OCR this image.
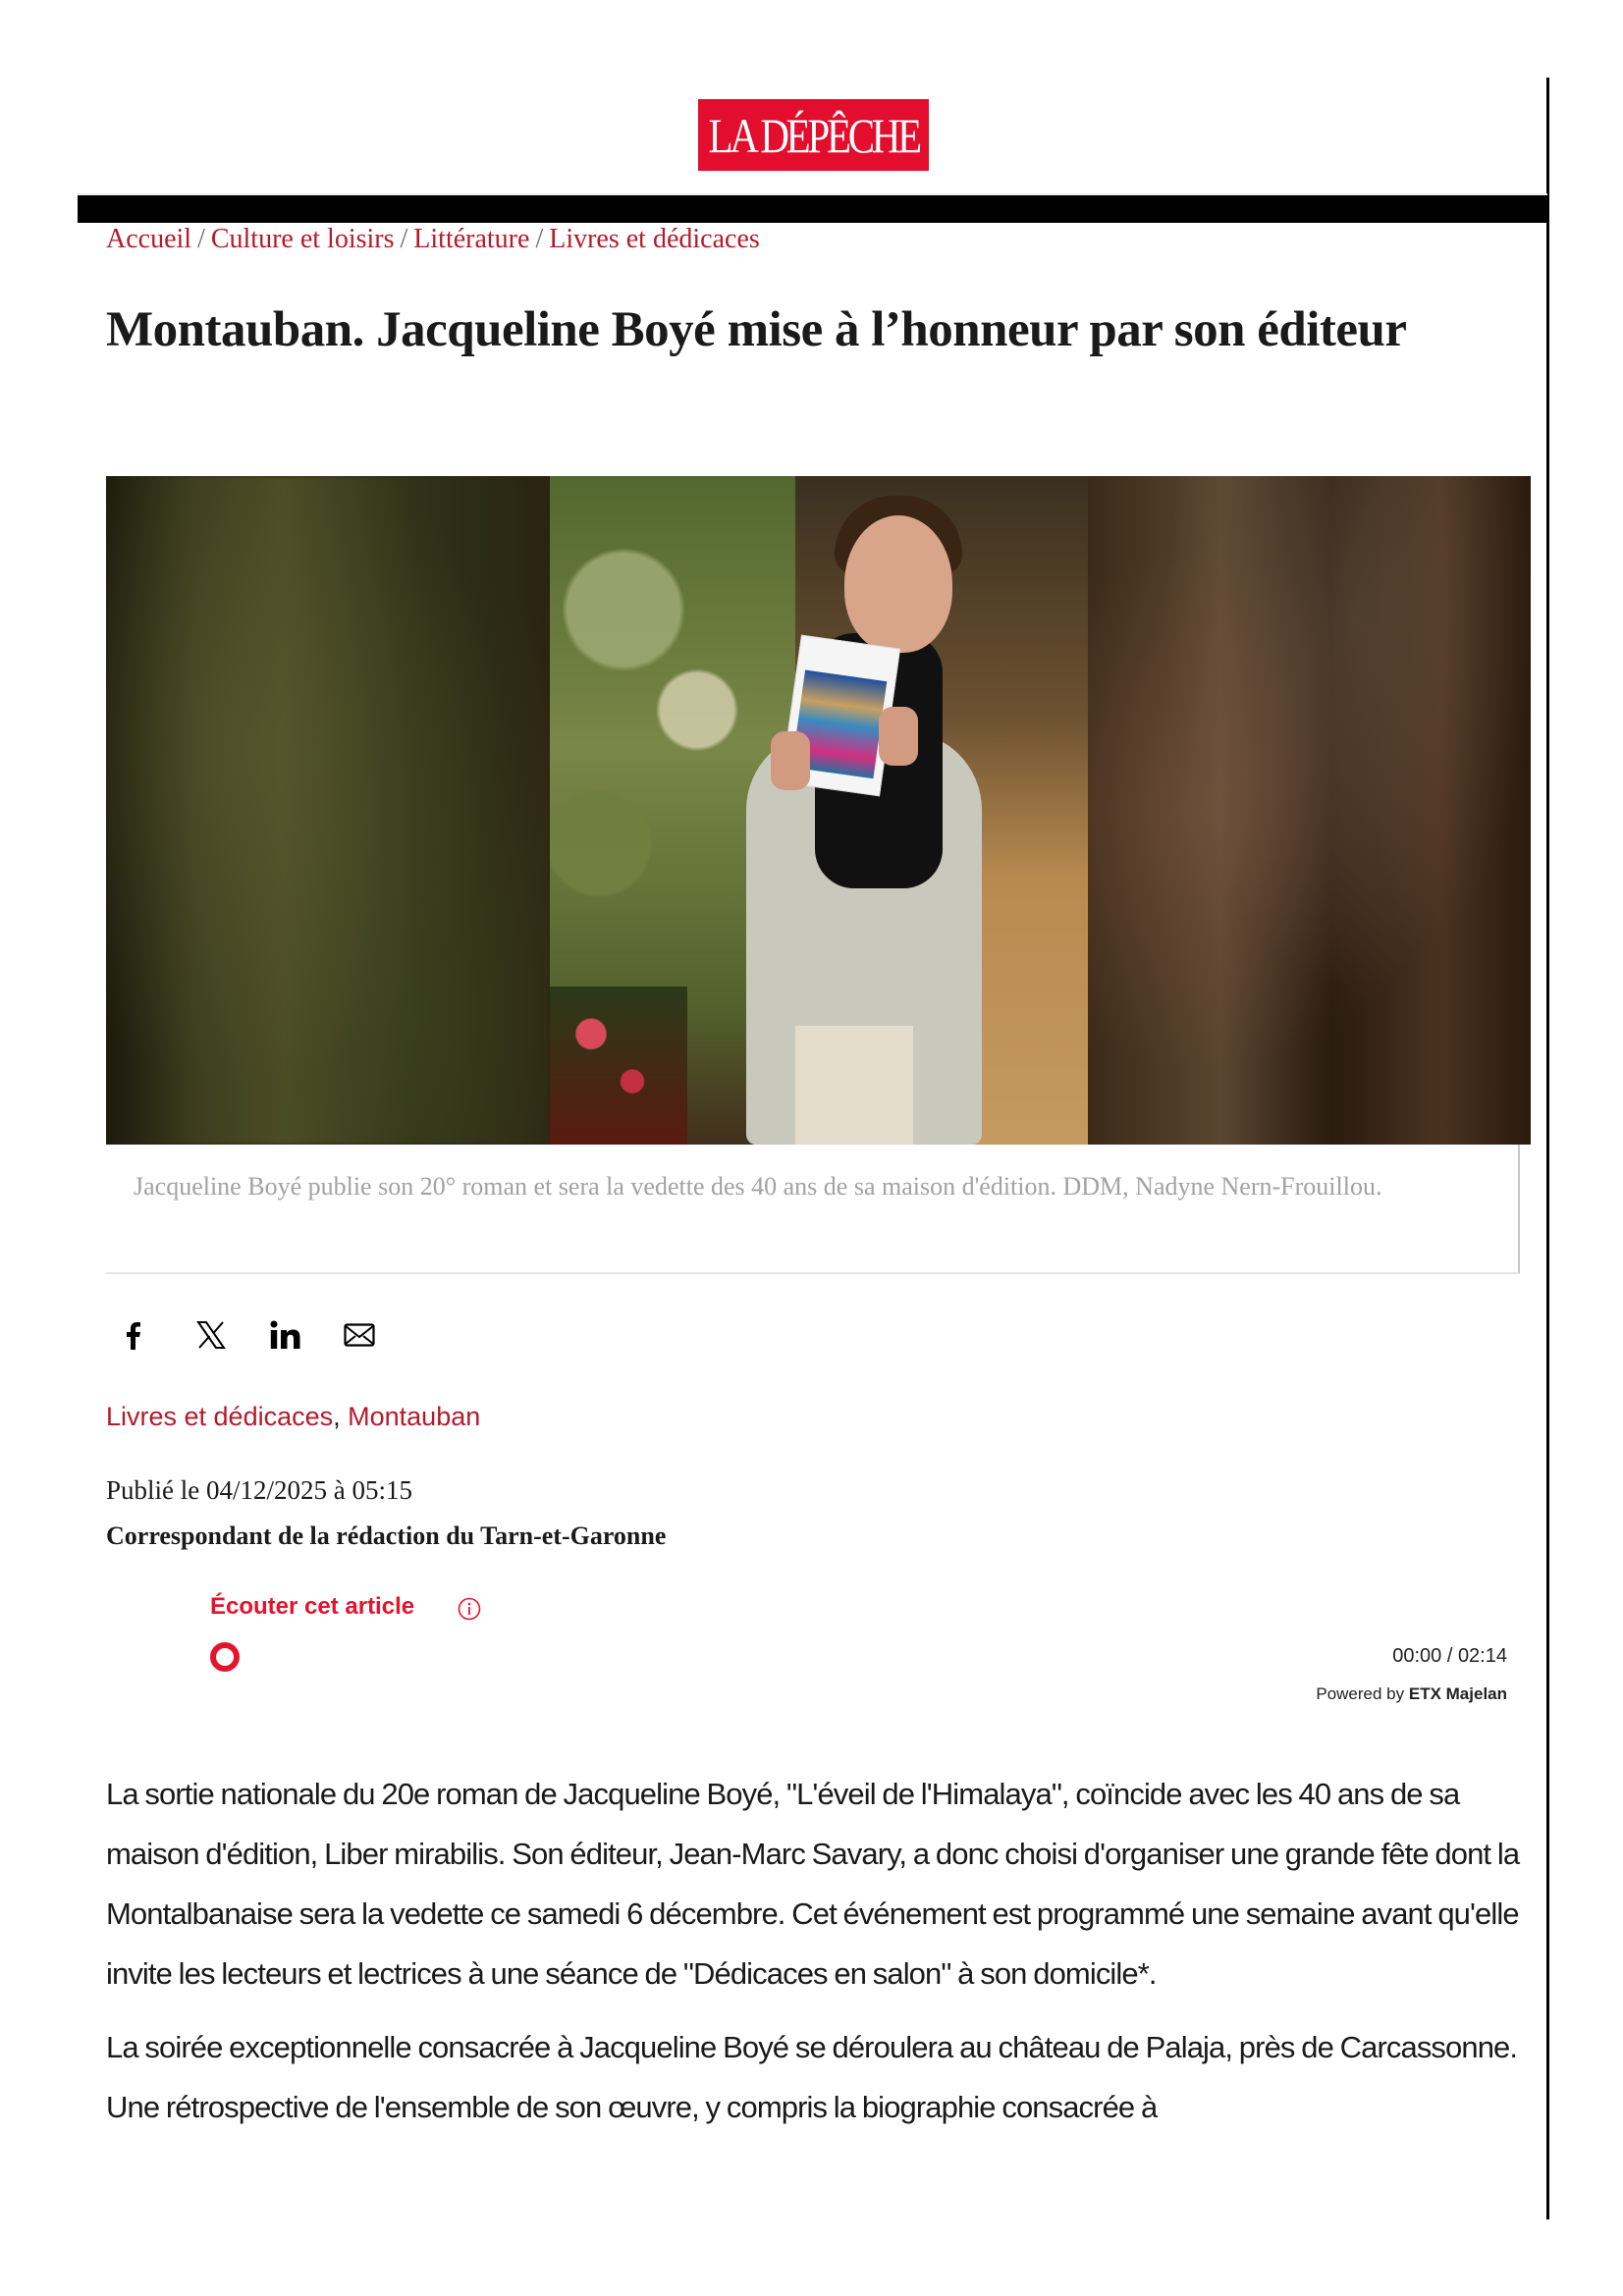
LA DÉPÊCHE
Accueil / Culture et loisirs / Littérature / Livres et dédicaces
Montauban. Jacqueline Boyé mise à l’honneur par son éditeur

Jacqueline Boyé publie son 20° roman et sera la vedette des 40 ans de sa maison d'édition. DDM, Nadyne Nern-Frouillou.

Livres et dédicaces, Montauban
Publié le 04/12/2025 à 05:15
Correspondant de la rédaction du Tarn-et-Garonne
Écouter cet article
00:00 / 02:14
Powered by ETX Majelan

La sortie nationale du 20e roman de Jacqueline Boyé, "L'éveil de l'Himalaya", coïncide avec les 40 ans de sa maison d'édition, Liber mirabilis. Son éditeur, Jean-Marc Savary, a donc choisi d'organiser une grande fête dont la Montalbanaise sera la vedette ce samedi 6 décembre. Cet événement est programmé une semaine avant qu'elle invite les lecteurs et lectrices à une séance de "Dédicaces en salon" à son domicile*.

La soirée exceptionnelle consacrée à Jacqueline Boyé se déroulera au château de Palaja, près de Carcassonne. Une rétrospective de l'ensemble de son œuvre, y compris la biographie consacrée à
